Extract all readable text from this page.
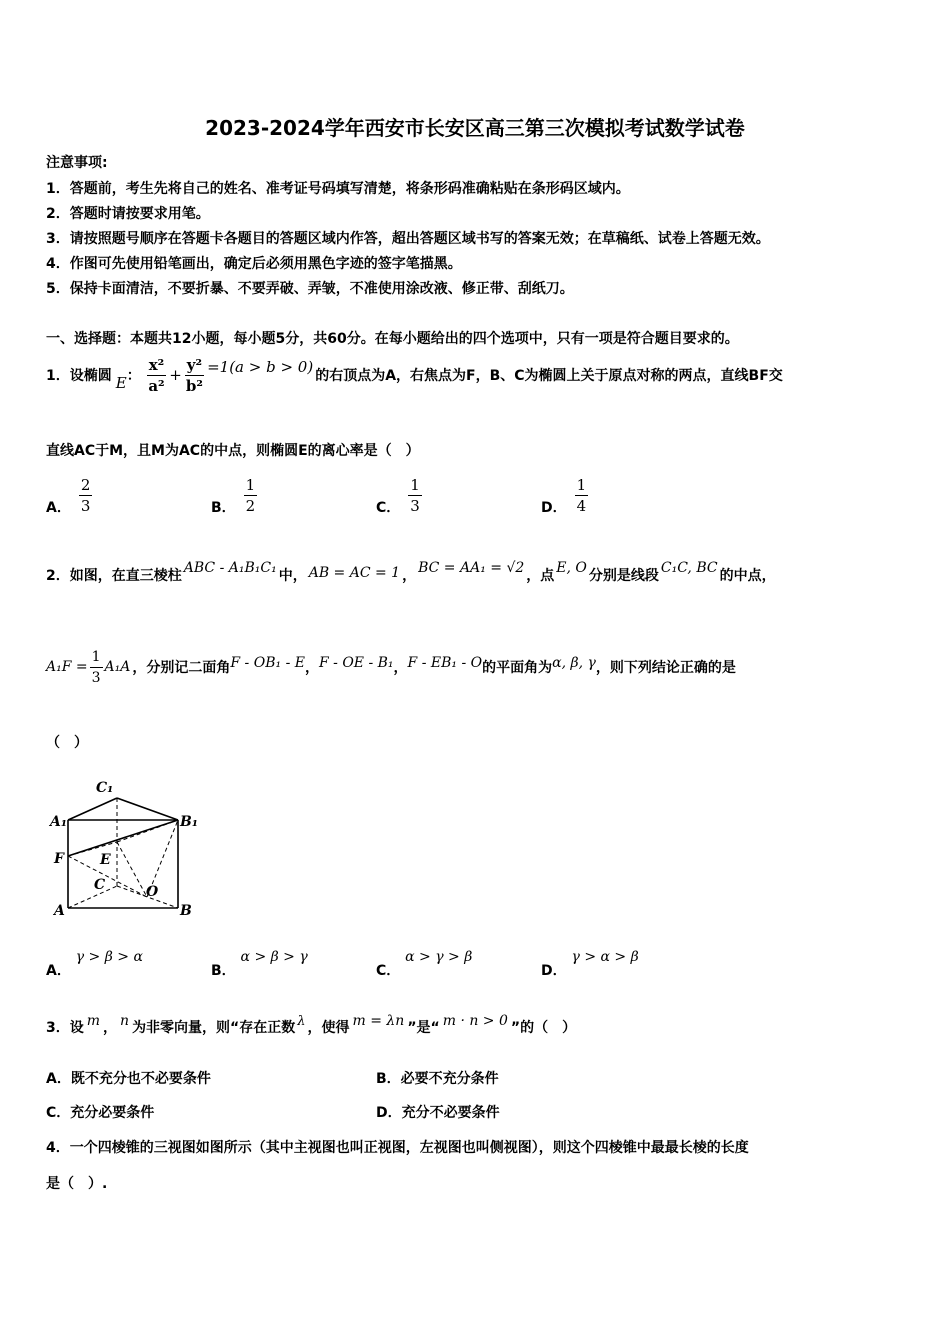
2023-2024学年西安市长安区高三第三次模拟考试数学试卷
注意事项:
1．答题前，考生先将自己的姓名、准考证号码填写清楚，将条形码准确粘贴在条形码区域内。
2．答题时请按要求用笔。
3．请按照题号顺序在答题卡各题目的答题区域内作答，超出答题区域书写的答案无效；在草稿纸、试卷上答题无效。
4．作图可先使用铅笔画出，确定后必须用黑色字迹的签字笔描黑。
5．保持卡面清洁，不要折暴、不要弄破、弄皱，不准使用涂改液、修正带、刮纸刀。
一、选择题：本题共12小题，每小题5分，共60分。在每小题给出的四个选项中，只有一项是符合题目要求的。
1．设椭圆 E ： $\frac{\text{x²}}{\text{a²}} + \frac{\text{y²}}{\text{b²}} =1(a > b > 0)$ 的右顶点为A，右焦点为F，B、C为椭圆上关于原点对称的两点，直线BF交
直线AC于M，且M为AC的中点，则椭圆E的离心率是（　）
A． $\frac{2}{3}$	B． $\frac{1}{2}$	C． $\frac{1}{3}$	D． $\frac{1}{4}$
2．如图，在直三棱柱 ABC - A₁B₁C₁ 中， AB = AC = 1 ， BC = AA₁ = √2 ，点 E, O 分别是线段 C₁C, BC 的中点，
$A_1F = \frac{1}{3} A_1A$ ，分别记二面角 F - OB₁ - E ， F - OE - B₁ ， F - EB₁ - O 的平面角为 α, β, γ ，则下列结论正确的是
（　）
C₁
A₁	B₁
F	E
C	O
A	B
A． γ > β > α
B． α > β > γ
C． α > γ > β
D． γ > α > β
3．设 m ， n 为非零向量，则“存在正数 λ ，使得 m = λn ”是“ m · n > 0 ”的（　）
A．既不充分也不必要条件	B．必要不充分条件
C．充分必要条件	D．充分不必要条件
4．一个四棱锥的三视图如图所示（其中主视图也叫正视图，左视图也叫侧视图），则这个四棱锥中最最长棱的长度
是（　）.
